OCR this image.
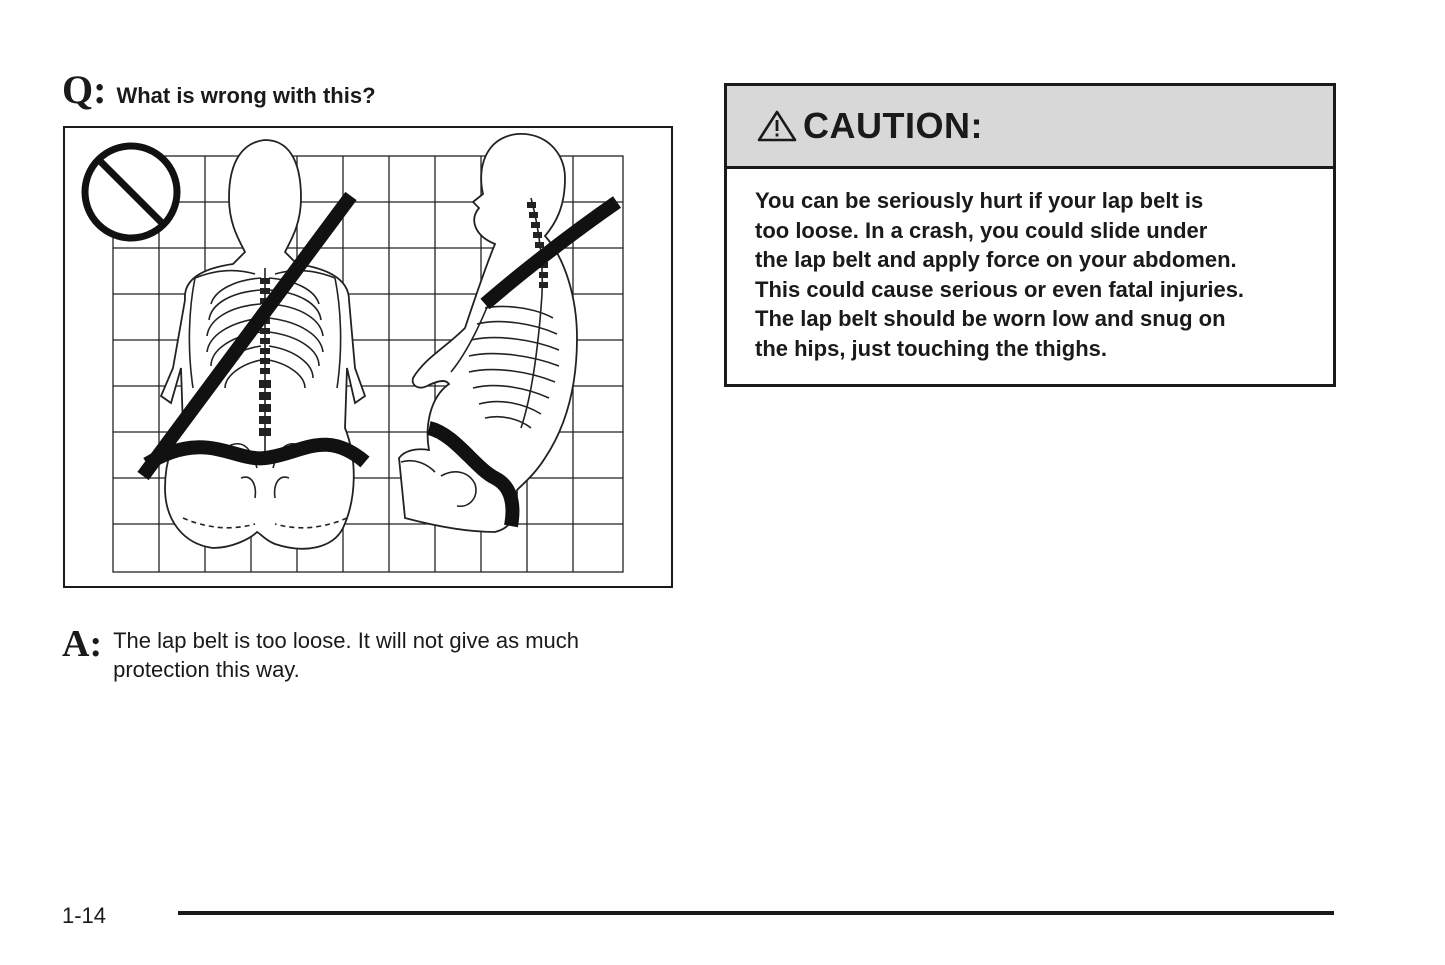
Q: What is wrong with this?
A: The lap belt is too loose. It will not give as much protection this way.
CAUTION:

You can be seriously hurt if your lap belt is

too loose. In a crash, you could slide under

the lap belt and apply force on your abdomen.

This could cause serious or even fatal injuries.

The lap belt should be worn low and snug on

the hips, just touching the thighs.

1-14
